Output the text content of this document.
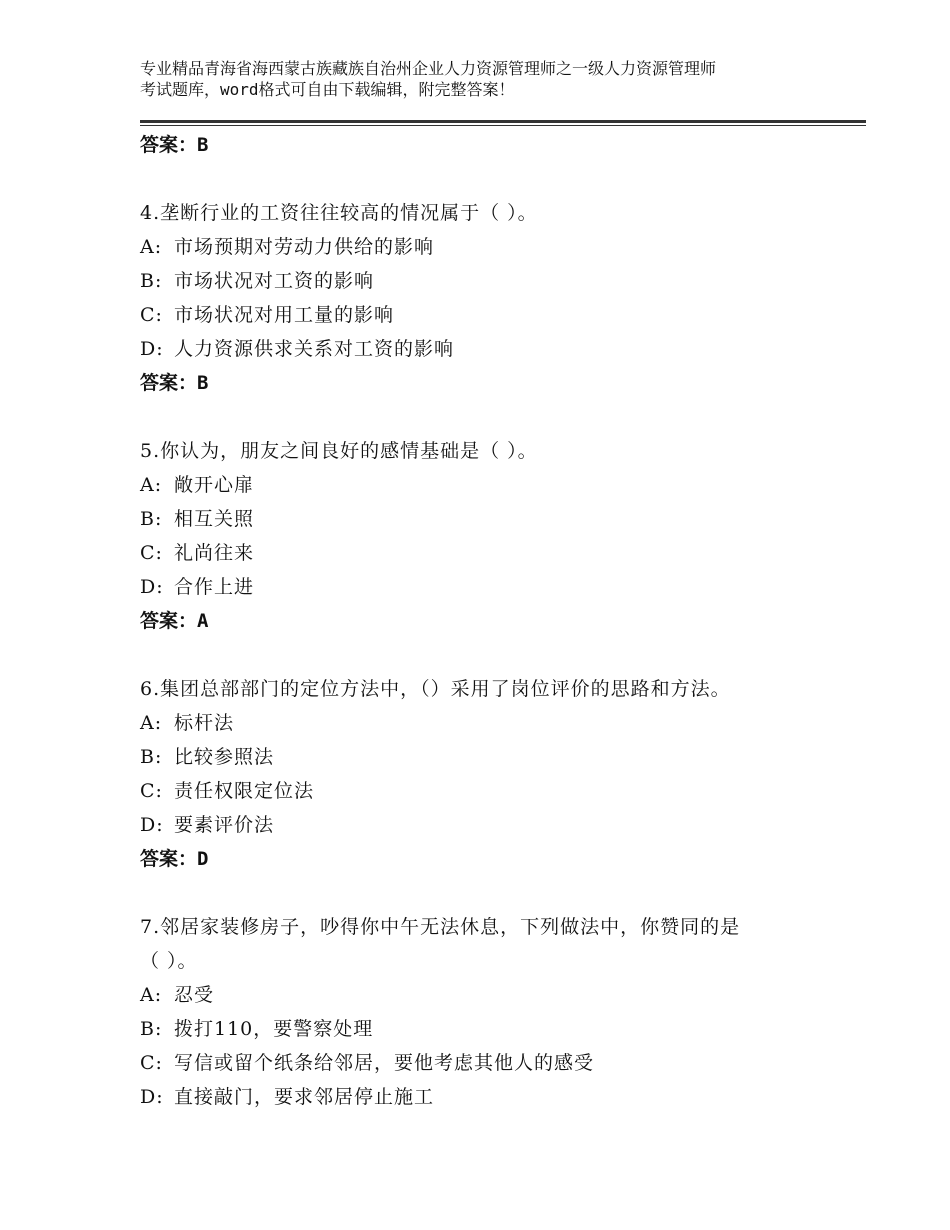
专业精品青海省海西蒙古族藏族自治州企业人力资源管理师之一级人力资源管理师
考试题库，word格式可自由下载编辑，附完整答案！
答案：B
4.垄断行业的工资往往较高的情况属于（ ）。
A: 市场预期对劳动力供给的影响
B: 市场状况对工资的影响
C: 市场状况对用工量的影响
D: 人力资源供求关系对工资的影响
答案：B
5.你认为，朋友之间良好的感情基础是（ ）。
A: 敞开心扉
B: 相互关照
C: 礼尚往来
D: 合作上进
答案：A
6.集团总部部门的定位方法中，（）采用了岗位评价的思路和方法。
A: 标杆法
B: 比较参照法
C: 责任权限定位法
D: 要素评价法
答案：D
7.邻居家装修房子，吵得你中午无法休息，下列做法中，你赞同的是
（ ）。
A: 忍受
B: 拨打110，要警察处理
C: 写信或留个纸条给邻居，要他考虑其他人的感受
D: 直接敲门，要求邻居停止施工
